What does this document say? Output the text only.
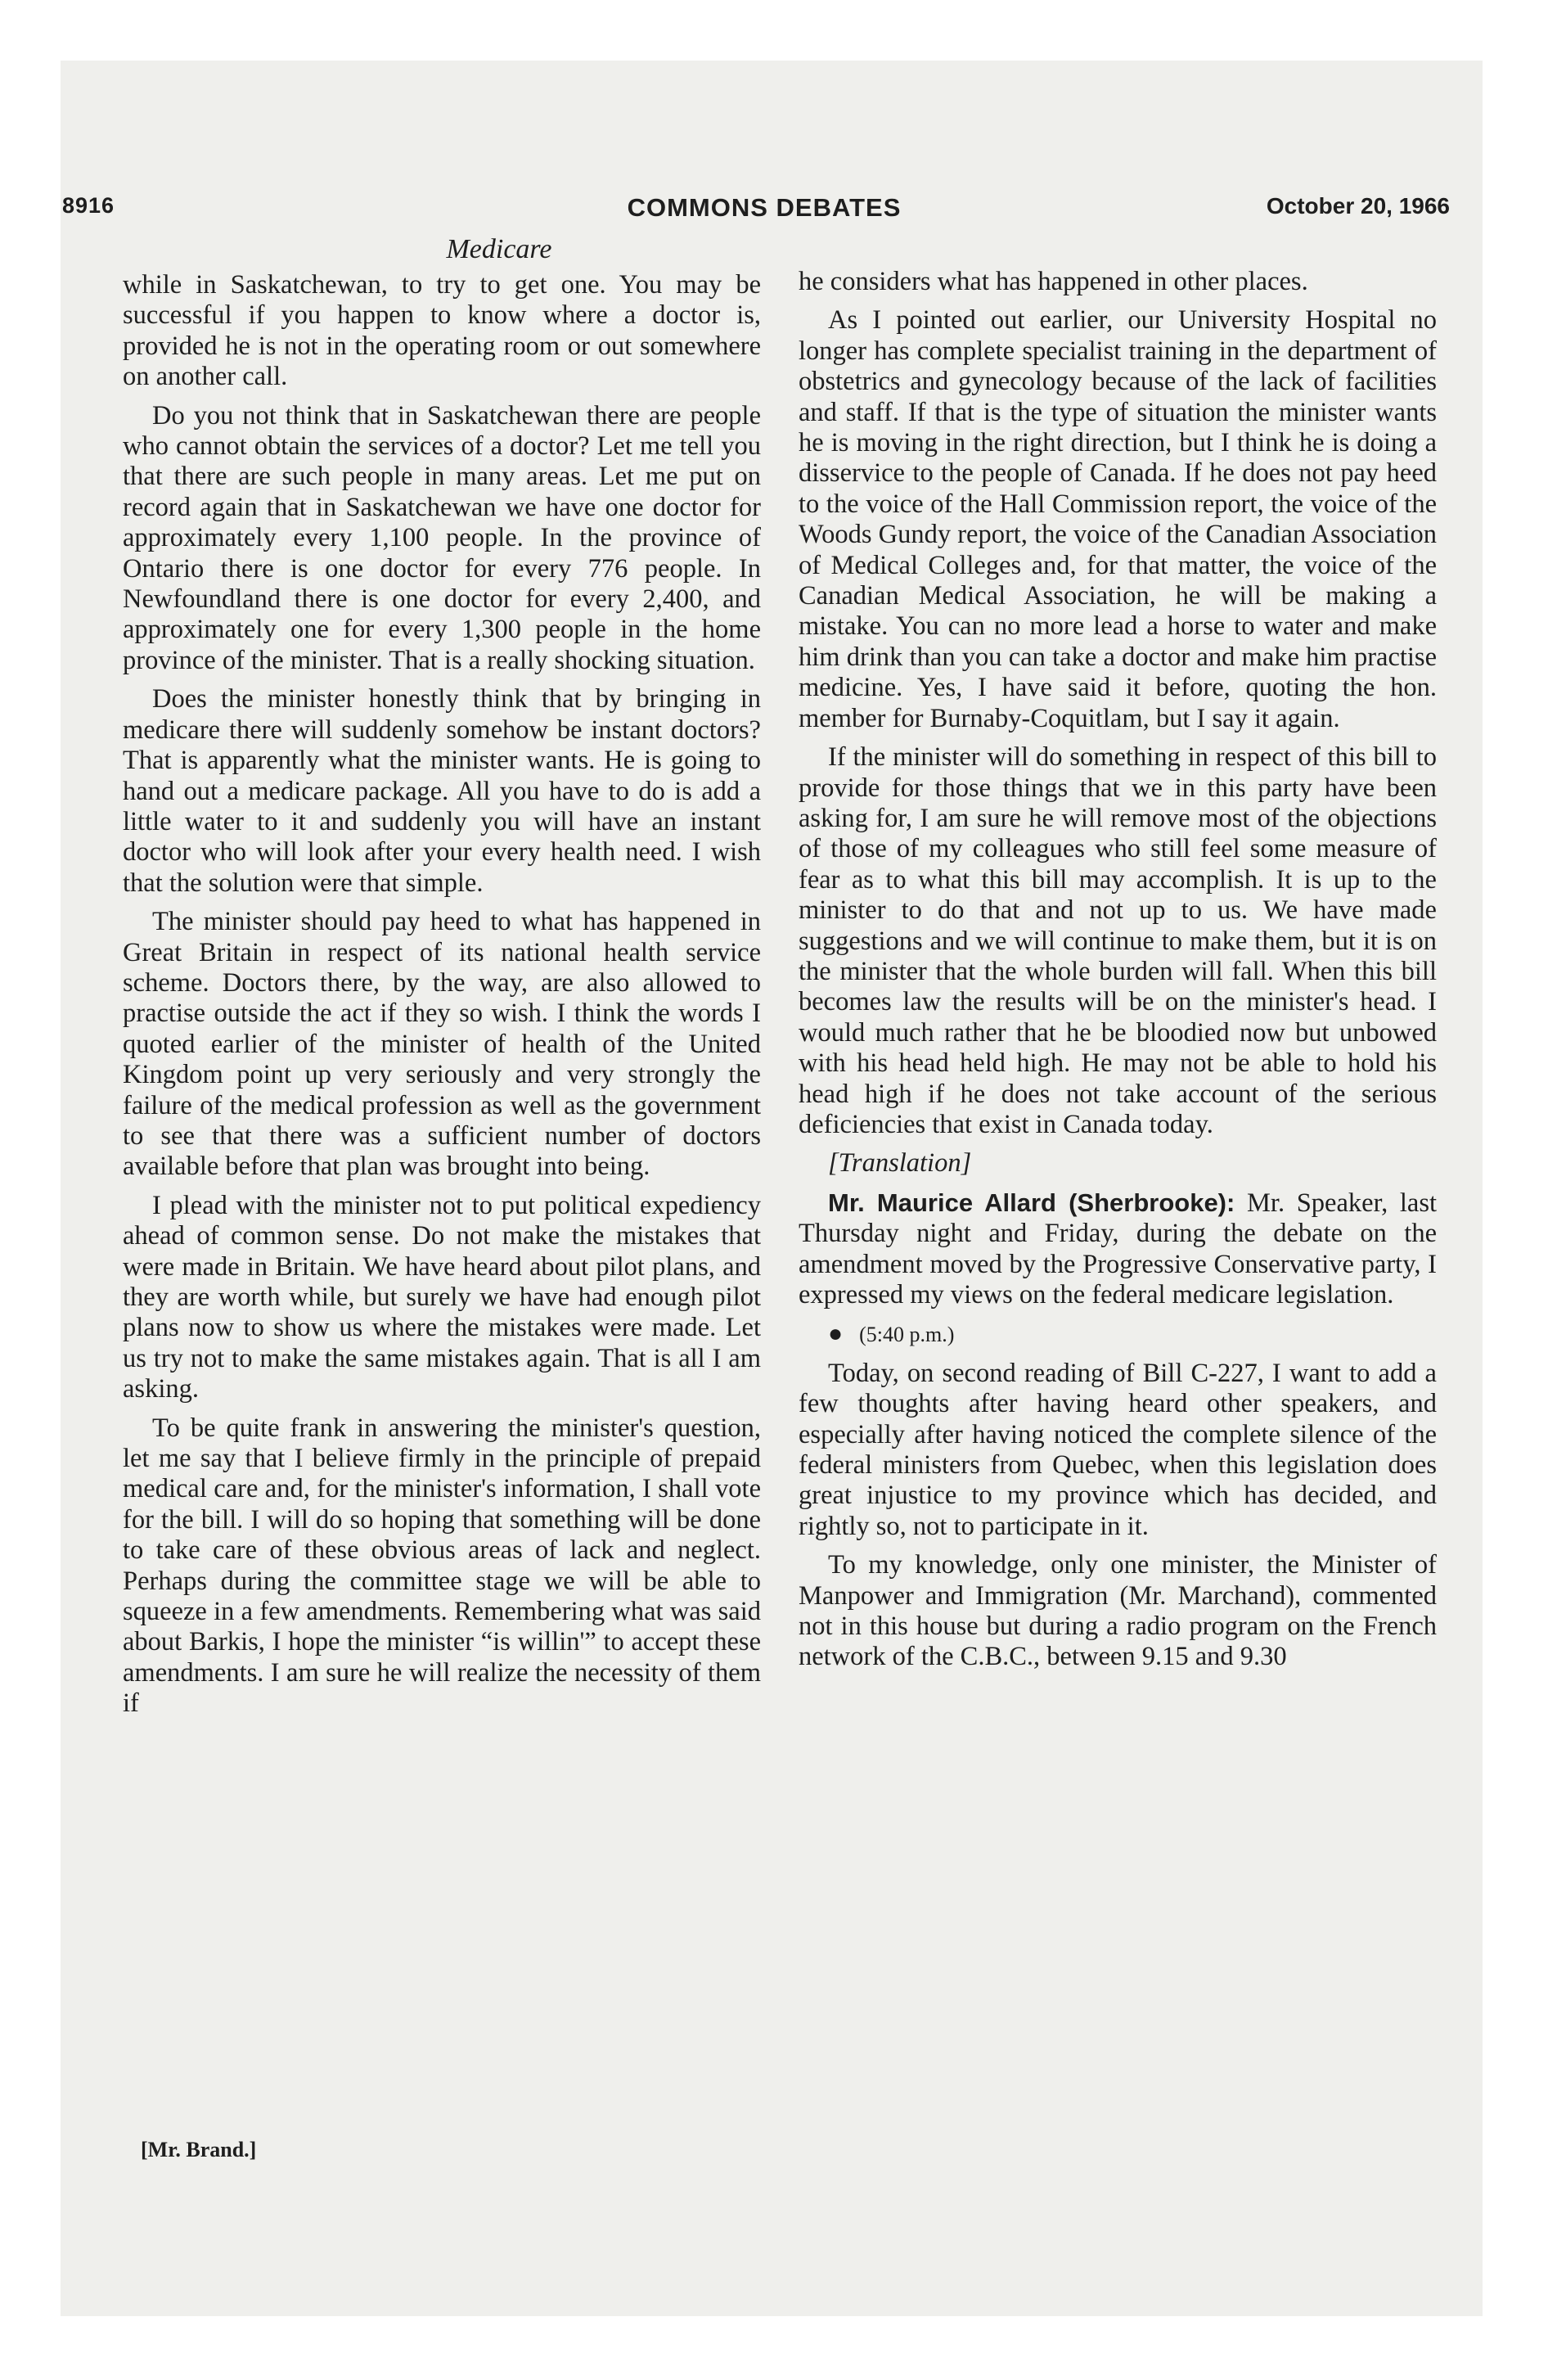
8916	COMMONS DEBATES	October 20, 1966
Medicare

while in Saskatchewan, to try to get one. You may be successful if you happen to know where a doctor is, provided he is not in the operating room or out somewhere on another call.

Do you not think that in Saskatchewan there are people who cannot obtain the services of a doctor? Let me tell you that there are such people in many areas. Let me put on record again that in Saskatchewan we have one doctor for approximately every 1,100 people. In the province of Ontario there is one doctor for every 776 people. In Newfoundland there is one doctor for every 2,400, and approximately one for every 1,300 people in the home province of the minister. That is a really shocking situation.

Does the minister honestly think that by bringing in medicare there will suddenly somehow be instant doctors? That is apparently what the minister wants. He is going to hand out a medicare package. All you have to do is add a little water to it and suddenly you will have an instant doctor who will look after your every health need. I wish that the solution were that simple.

The minister should pay heed to what has happened in Great Britain in respect of its national health service scheme. Doctors there, by the way, are also allowed to practise outside the act if they so wish. I think the words I quoted earlier of the minister of health of the United Kingdom point up very seriously and very strongly the failure of the medical profession as well as the government to see that there was a sufficient number of doctors available before that plan was brought into being.

I plead with the minister not to put political expediency ahead of common sense. Do not make the mistakes that were made in Britain. We have heard about pilot plans, and they are worth while, but surely we have had enough pilot plans now to show us where the mistakes were made. Let us try not to make the same mistakes again. That is all I am asking.

To be quite frank in answering the minister's question, let me say that I believe firmly in the principle of prepaid medical care and, for the minister's information, I shall vote for the bill. I will do so hoping that something will be done to take care of these obvious areas of lack and neglect. Perhaps during the committee stage we will be able to squeeze in a few amendments. Remembering what was said about Barkis, I hope the minister “is willin'” to accept these amendments. I am sure he will realize the necessity of them if

[Mr. Brand.]

he considers what has happened in other places.

As I pointed out earlier, our University Hospital no longer has complete specialist training in the department of obstetrics and gynecology because of the lack of facilities and staff. If that is the type of situation the minister wants he is moving in the right direction, but I think he is doing a disservice to the people of Canada. If he does not pay heed to the voice of the Hall Commission report, the voice of the Woods Gundy report, the voice of the Canadian Association of Medical Colleges and, for that matter, the voice of the Canadian Medical Association, he will be making a mistake. You can no more lead a horse to water and make him drink than you can take a doctor and make him practise medicine. Yes, I have said it before, quoting the hon. member for Burnaby-Coquitlam, but I say it again.

If the minister will do something in respect of this bill to provide for those things that we in this party have been asking for, I am sure he will remove most of the objections of those of my colleagues who still feel some measure of fear as to what this bill may accomplish. It is up to the minister to do that and not up to us. We have made suggestions and we will continue to make them, but it is on the minister that the whole burden will fall. When this bill becomes law the results will be on the minister's head. I would much rather that he be bloodied now but unbowed with his head held high. He may not be able to hold his head high if he does not take account of the serious deficiencies that exist in Canada today.

[Translation]

Mr. Maurice Allard (Sherbrooke): Mr. Speaker, last Thursday night and Friday, during the debate on the amendment moved by the Progressive Conservative party, I expressed my views on the federal medicare legislation.

● (5:40 p.m.)

Today, on second reading of Bill C-227, I want to add a few thoughts after having heard other speakers, and especially after having noticed the complete silence of the federal ministers from Quebec, when this legislation does great injustice to my province which has decided, and rightly so, not to participate in it.

To my knowledge, only one minister, the Minister of Manpower and Immigration (Mr. Marchand), commented not in this house but during a radio program on the French network of the C.B.C., between 9.15 and 9.30
